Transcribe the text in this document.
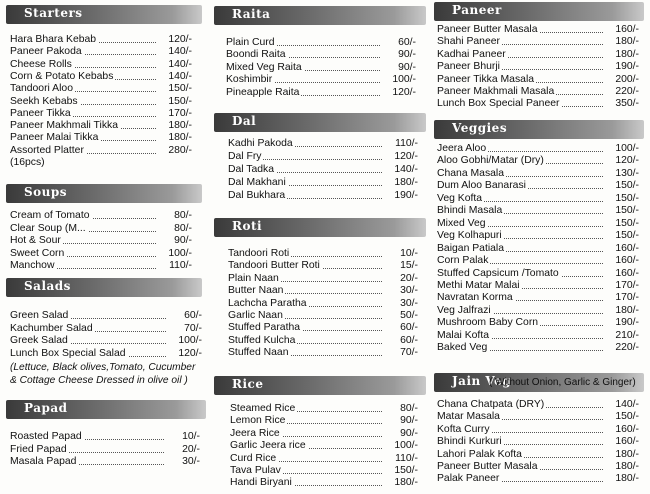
Starters
Soups
Salads
(Lettuce, Black olives,Tomato, Cucumber
& Cottage Cheese Dressed in olive oil )
Papad
Raita
Dal
Roti
Rice
Paneer
Veggies
Jain Veg
( Without Onion, Garlic & Ginger)
Hara Bhara Kebab	120/-
Paneer Pakoda	140/-
Cheese Rolls	140/-
Corn & Potato Kebabs	140/-
Tandoori Aloo	150/-
Seekh Kebabs	150/-
Paneer Tikka	170/-
Paneer Makhmali Tikka	180/-
Paneer Malai Tikka	180/-
Assorted Platter	280/-
(16pcs)
Cream of Tomato	80/-
Clear Soup (M...	80/-
Hot & Sour	90/-
Sweet Corn	100/-
Manchow	110/-
Green Salad	60/-
Kachumber Salad	70/-
Greek Salad	100/-
Lunch Box Special Salad	120/-
Roasted Papad	10/-
Fried Papad	20/-
Masala Papad	30/-
Plain Curd	60/-
Boondi Raita	90/-
Mixed Veg Raita	90/-
Koshimbir	100/-
Pineapple Raita	120/-
Kadhi Pakoda	110/-
Dal Fry	120/-
Dal Tadka	140/-
Dal Makhani	180/-
Dal Bukhara	190/-
Tandoori Roti	10/-
Tandoori Butter Roti	15/-
Plain Naan	20/-
Butter Naan	30/-
Lachcha Paratha	30/-
Garlic Naan	50/-
Stuffed Paratha	60/-
Stuffed Kulcha	60/-
Stuffed Naan	70/-
Steamed Rice	80/-
Lemon Rice	90/-
Jeera Rice	90/-
Garlic Jeera rice	100/-
Curd Rice	110/-
Tava Pulav	150/-
Handi Biryani	180/-
Paneer Butter Masala	160/-
Shahi Paneer	180/-
Kadhai Paneer	180/-
Paneer Bhurji	190/-
Paneer Tikka Masala	200/-
Paneer Makhmali Masala	220/-
Lunch Box Special Paneer	350/-
Jeera Aloo	100/-
Aloo Gobhi/Matar (Dry)	120/-
Chana Masala	130/-
Dum Aloo Banarasi	150/-
Veg Kofta	150/-
Bhindi Masala	150/-
Mixed Veg	150/-
Veg Kolhapuri	150/-
Baigan Patiala	160/-
Corn Palak	160/-
Stuffed Capsicum /Tomato	160/-
Methi Matar Malai	170/-
Navratan Korma	170/-
Veg Jalfrazi	180/-
Mushroom Baby Corn	190/-
Malai Kofta	210/-
Baked Veg	220/-
Chana Chatpata (DRY)	140/-
Matar Masala	150/-
Kofta Curry	160/-
Bhindi Kurkuri	160/-
Lahori Palak Kofta	180/-
Paneer Butter Masala	180/-
Palak Paneer	180/-
